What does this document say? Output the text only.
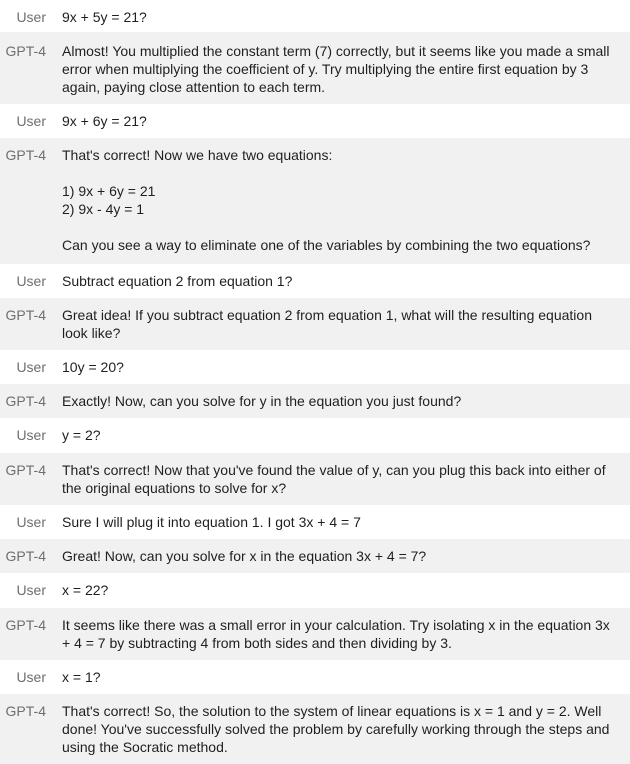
User 9x + 5y = 21?

GPT-4 Almost! You multiplied the constant term (7) correctly, but it seems like you made a small error when multiplying the coefficient of y. Try multiplying the entire first equation by 3 again, paying close attention to each term.

User 9x + 6y = 21?

GPT-4 That's correct! Now we have two equations:

1) 9x + 6y = 21
2) 9x - 4y = 1

Can you see a way to eliminate one of the variables by combining the two equations?

User Subtract equation 2 from equation 1?

GPT-4 Great idea! If you subtract equation 2 from equation 1, what will the resulting equation look like?

User 10y = 20?

GPT-4 Exactly! Now, can you solve for y in the equation you just found?

User y = 2?

GPT-4 That's correct! Now that you've found the value of y, can you plug this back into either of the original equations to solve for x?

User Sure I will plug it into equation 1. I got 3x + 4 = 7

GPT-4 Great! Now, can you solve for x in the equation 3x + 4 = 7?

User x = 22?

GPT-4 It seems like there was a small error in your calculation. Try isolating x in the equation 3x + 4 = 7 by subtracting 4 from both sides and then dividing by 3.

User x = 1?

GPT-4 That's correct! So, the solution to the system of linear equations is x = 1 and y = 2. Well done! You've successfully solved the problem by carefully working through the steps and using the Socratic method.
